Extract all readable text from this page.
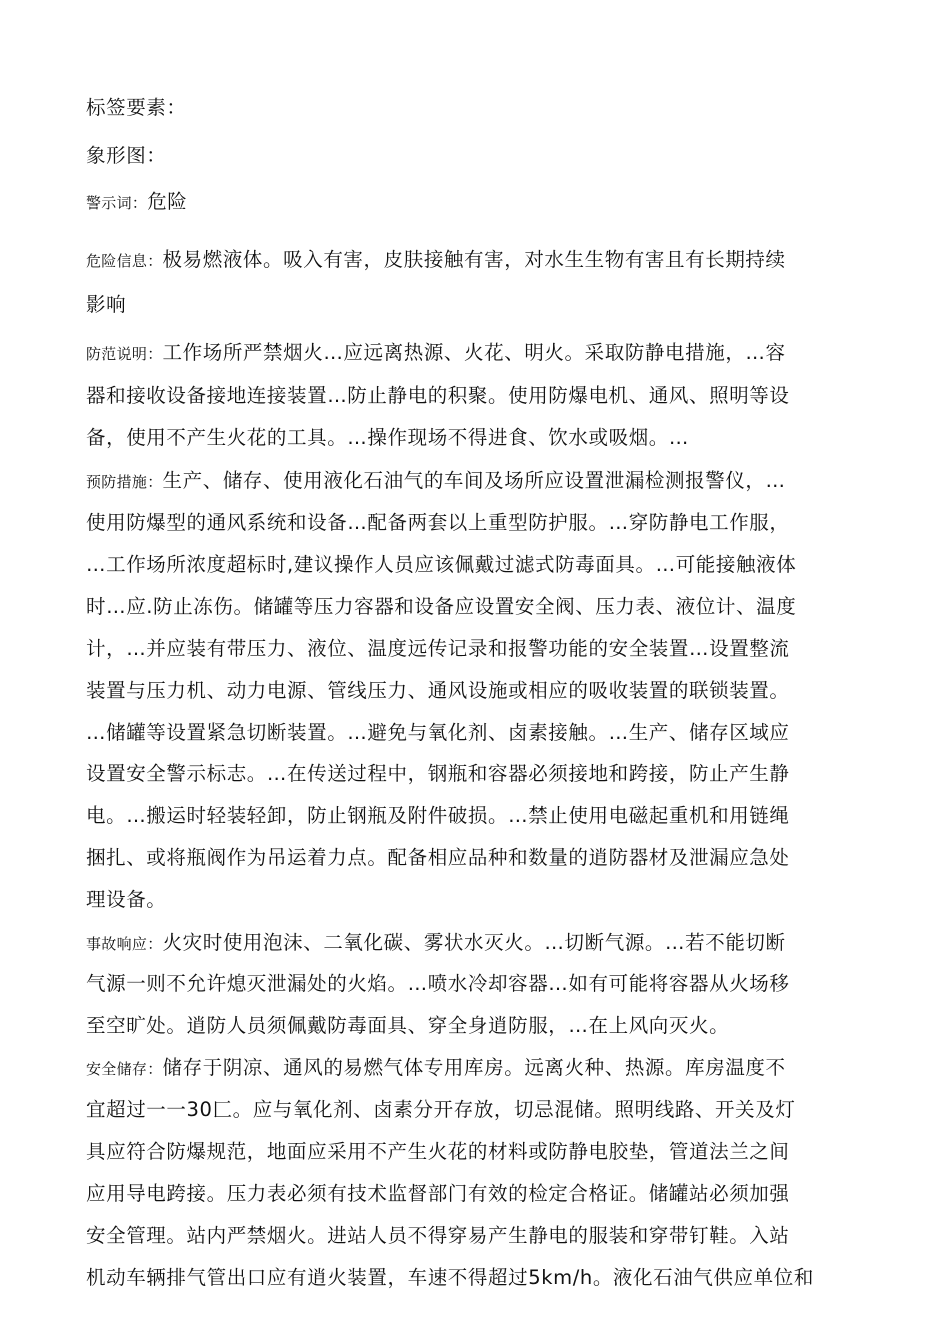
标签要素：
象形图：
警示词：危险
危险信息：极易燃液体。吸入有害，皮肤接触有害，对水生生物有害且有长期持续
影响
防范说明：工作场所严禁烟火…应远离热源、火花、明火。采取防静电措施，…容
器和接收设备接地连接装置…防止静电的积聚。使用防爆电机、通风、照明等设
备，使用不产生火花的工具。…操作现场不得进食、饮水或吸烟。…
预防措施：生产、储存、使用液化石油气的车间及场所应设置泄漏检测报警仪，…
使用防爆型的通风系统和设备…配备两套以上重型防护服。…穿防静电工作服，
…工作场所浓度超标时,建议操作人员应该佩戴过滤式防毒面具。…可能接触液体
时…应.防止冻伤。储罐等压力容器和设备应设置安全阀、压力表、液位计、温度
计，…并应装有带压力、液位、温度远传记录和报警功能的安全装置…设置整流
装置与压力机、动力电源、管线压力、通风设施或相应的吸收装置的联锁装置。
…储罐等设置紧急切断装置。…避免与氧化剂、卤素接触。…生产、储存区域应
设置安全警示标志。…在传送过程中，钢瓶和容器必须接地和跨接，防止产生静
电。…搬运时轻装轻卸，防止钢瓶及附件破损。…禁止使用电磁起重机和用链绳
捆扎、或将瓶阀作为吊运着力点。配备相应品种和数量的逍防器材及泄漏应急处
理设备。
事故响应：火灾时使用泡沫、二氧化碳、雾状水灭火。…切断气源。…若不能切断
气源一则不允许熄灭泄漏处的火焰。…喷水冷却容器…如有可能将容器从火场移
至空旷处。逍防人员须佩戴防毒面具、穿全身逍防服，…在上风向灭火。
安全储存：储存于阴凉、通风的易燃气体专用库房。远离火种、热源。库房温度不
宜超过一一30匚。应与氧化剂、卤素分开存放，切忌混储。照明线路、开关及灯
具应符合防爆规范，地面应采用不产生火花的材料或防静电胶垫，管道法兰之间
应用导电跨接。压力表必须有技术监督部门有效的检定合格证。储罐站必须加强
安全管理。站内严禁烟火。进站人员不得穿易产生静电的服装和穿带钉鞋。入站
机动车辆排气管出口应有逍火装置，车速不得超过5km/h。液化石油气供应单位和
